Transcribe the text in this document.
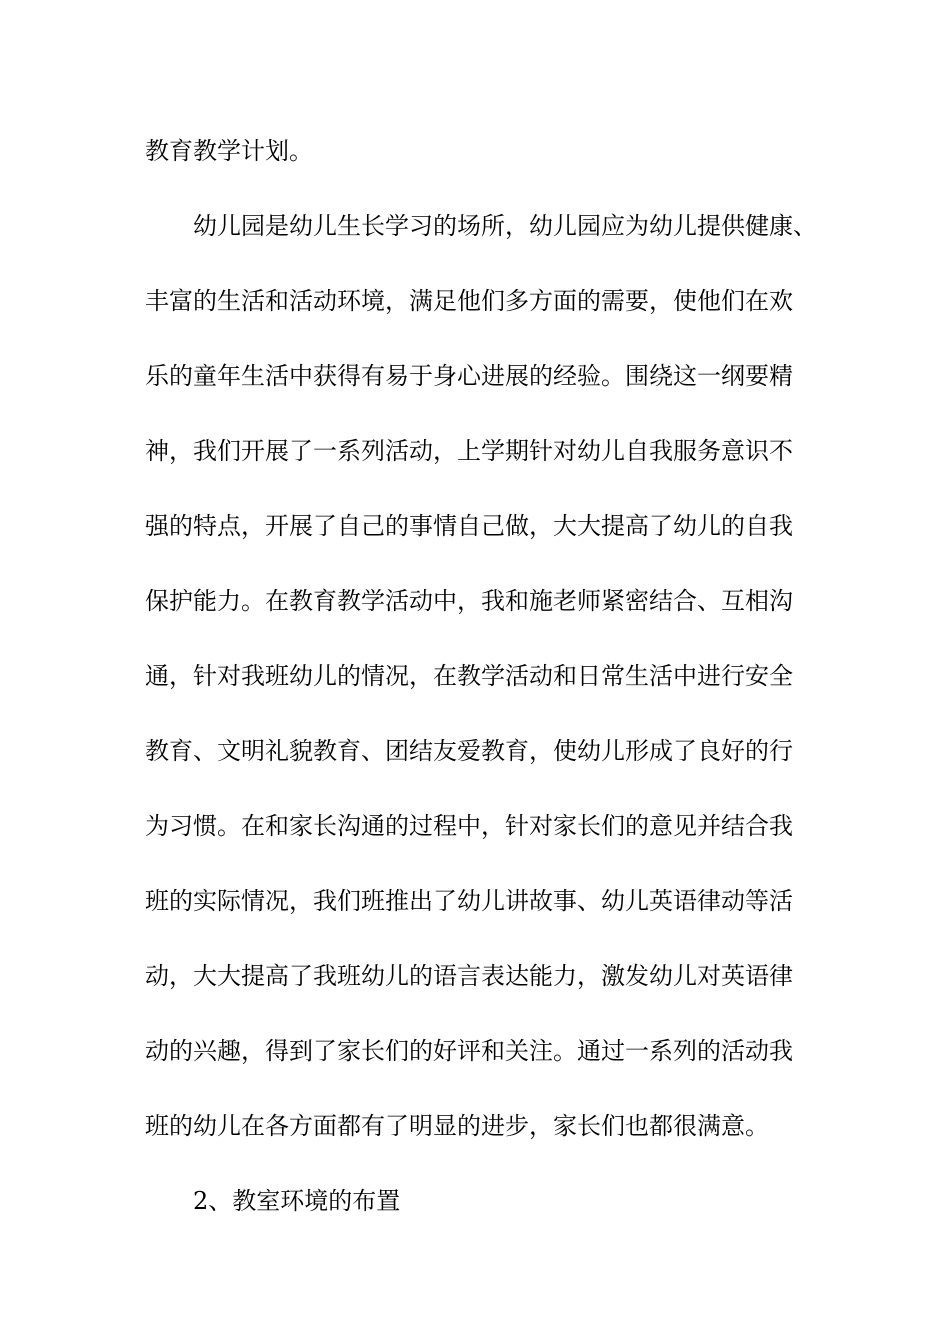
教育教学计划。
幼儿园是幼儿生长学习的场所，幼儿园应为幼儿提供健康、
丰富的生活和活动环境，满足他们多方面的需要，使他们在欢
乐的童年生活中获得有易于身心进展的经验。围绕这一纲要精
神，我们开展了一系列活动，上学期针对幼儿自我服务意识不
强的特点，开展了自己的事情自己做，大大提高了幼儿的自我
保护能力。在教育教学活动中，我和施老师紧密结合、互相沟
通，针对我班幼儿的情况，在教学活动和日常生活中进行安全
教育、文明礼貌教育、团结友爱教育，使幼儿形成了良好的行
为习惯。在和家长沟通的过程中，针对家长们的意见并结合我
班的实际情况，我们班推出了幼儿讲故事、幼儿英语律动等活
动，大大提高了我班幼儿的语言表达能力，激发幼儿对英语律
动的兴趣，得到了家长们的好评和关注。通过一系列的活动我
班的幼儿在各方面都有了明显的进步，家长们也都很满意。
2、教室环境的布置
